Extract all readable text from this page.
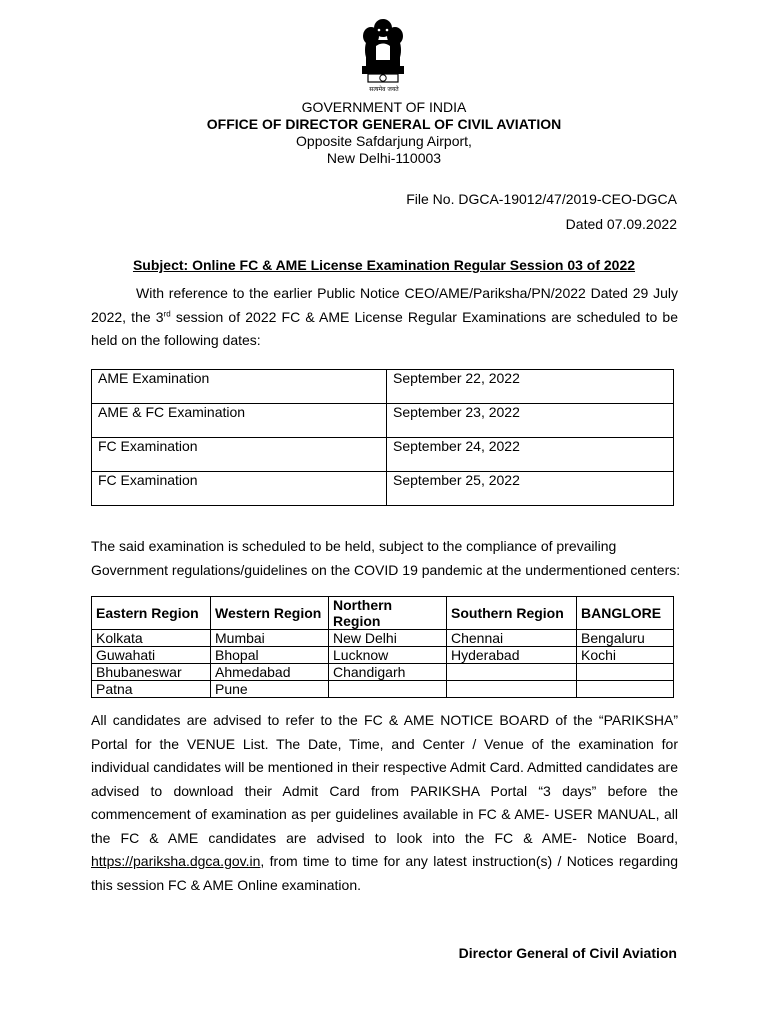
सत्यमेव जयते
GOVERNMENT OF INDIA
OFFICE OF DIRECTOR GENERAL OF CIVIL AVIATION
Opposite Safdarjung Airport,
New Delhi-110003
File No. DGCA-19012/47/2019-CEO-DGCA
Dated 07.09.2022
Subject: Online FC & AME License Examination Regular Session 03 of 2022
With reference to the earlier Public Notice CEO/AME/Pariksha/PN/2022 Dated 29 July 2022, the 3rd session of 2022 FC & AME License Regular Examinations are scheduled to be held on the following dates:
AME Examination	September 22, 2022
AME & FC Examination	September 23, 2022
FC Examination	September 24, 2022
FC Examination	September 25, 2022
The said examination is scheduled to be held, subject to the compliance of prevailing Government regulations/guidelines on the COVID 19 pandemic at the undermentioned centers:
Eastern Region	Western Region	Northern Region	Southern Region	BANGLORE
Kolkata	Mumbai	New Delhi	Chennai	Bengaluru
Guwahati	Bhopal	Lucknow	Hyderabad	Kochi
Bhubaneswar	Ahmedabad	Chandigarh		
Patna	Pune			
All candidates are advised to refer to the FC & AME NOTICE BOARD of the “PARIKSHA” Portal for the VENUE List. The Date, Time, and Center / Venue of the examination for individual candidates will be mentioned in their respective Admit Card. Admitted candidates are advised to download their Admit Card from PARIKSHA Portal “3 days” before the commencement of examination as per guidelines available in FC & AME- USER MANUAL, all the FC & AME candidates are advised to look into the FC & AME- Notice Board, https://pariksha.dgca.gov.in, from time to time for any latest instruction(s) / Notices regarding this session FC & AME Online examination.
Director General of Civil Aviation
